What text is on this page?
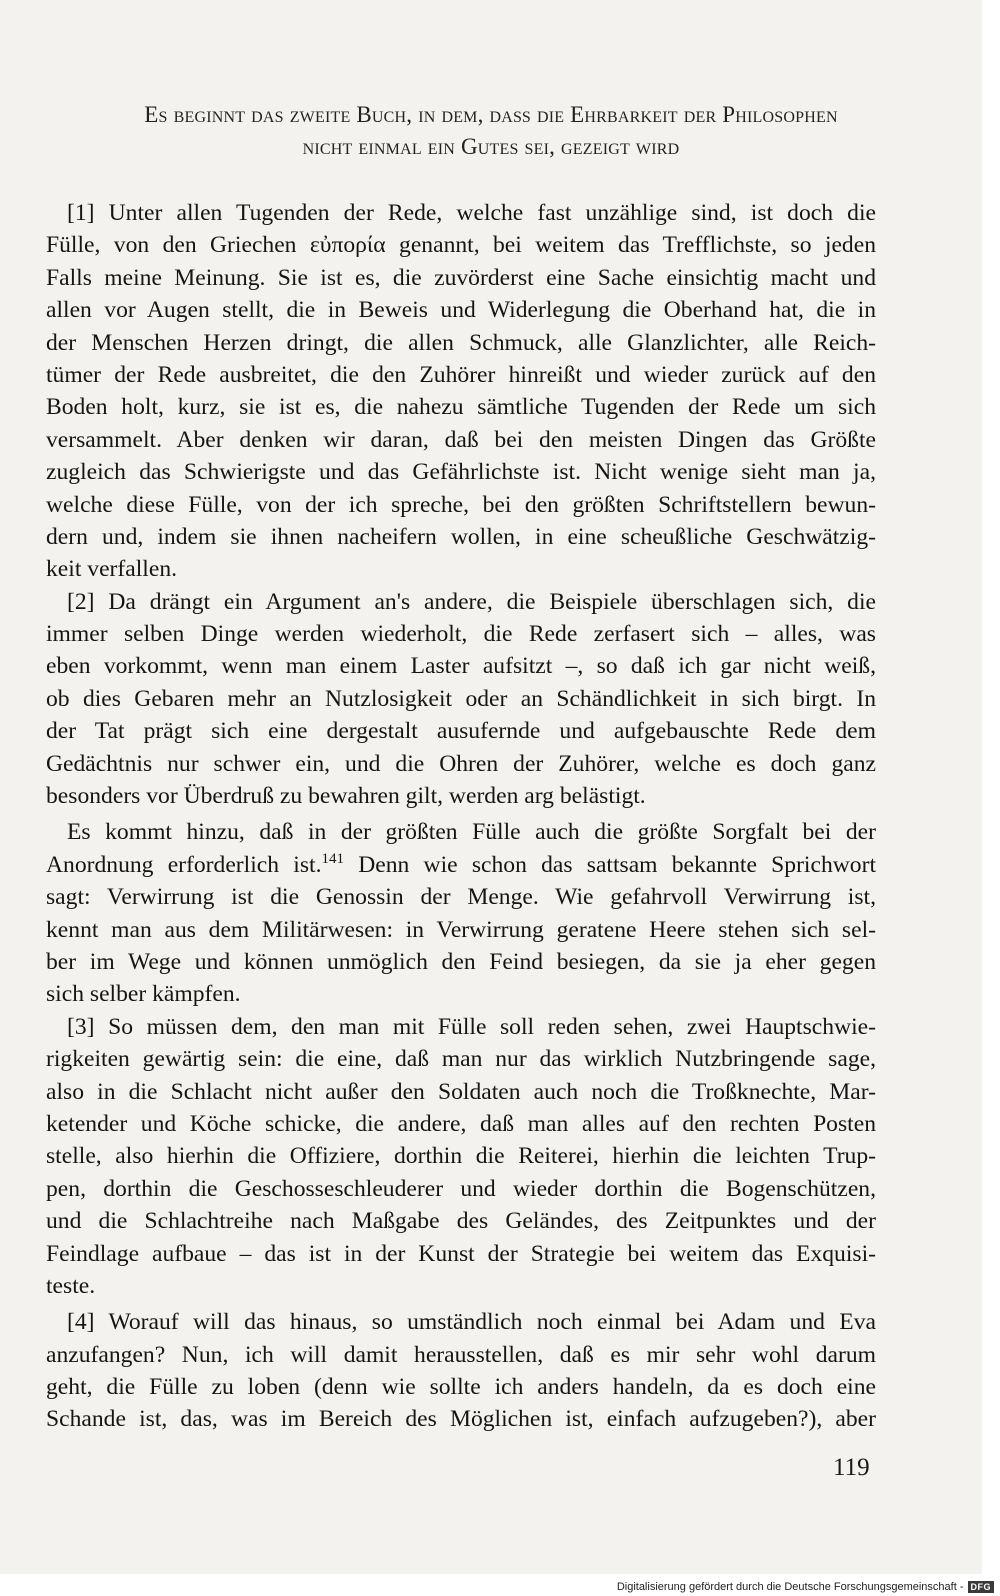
Es beginnt das zweite Buch, in dem, daß die Ehrbarkeit der Philosophen
nicht einmal ein Gutes sei, gezeigt wird
[1] Unter allen Tugenden der Rede, welche fast unzählige sind, ist doch die
Fülle, von den Griechen εὐπορία genannt, bei weitem das Trefflichste, so jeden
Falls meine Meinung. Sie ist es, die zuvörderst eine Sache einsichtig macht und
allen vor Augen stellt, die in Beweis und Widerlegung die Oberhand hat, die in
der Menschen Herzen dringt, die allen Schmuck, alle Glanzlichter, alle Reich-
tümer der Rede ausbreitet, die den Zuhörer hinreißt und wieder zurück auf den
Boden holt, kurz, sie ist es, die nahezu sämtliche Tugenden der Rede um sich
versammelt. Aber denken wir daran, daß bei den meisten Dingen das Größte
zugleich das Schwierigste und das Gefährlichste ist. Nicht wenige sieht man ja,
welche diese Fülle, von der ich spreche, bei den größten Schriftstellern bewun-
dern und, indem sie ihnen nacheifern wollen, in eine scheußliche Geschwätzig-
keit verfallen.
[2] Da drängt ein Argument an's andere, die Beispiele überschlagen sich, die
immer selben Dinge werden wiederholt, die Rede zerfasert sich – alles, was
eben vorkommt, wenn man einem Laster aufsitzt –, so daß ich gar nicht weiß,
ob dies Gebaren mehr an Nutzlosigkeit oder an Schändlichkeit in sich birgt. In
der Tat prägt sich eine dergestalt ausufernde und aufgebauschte Rede dem
Gedächtnis nur schwer ein, und die Ohren der Zuhörer, welche es doch ganz
besonders vor Überdruß zu bewahren gilt, werden arg belästigt.
Es kommt hinzu, daß in der größten Fülle auch die größte Sorgfalt bei der
Anordnung erforderlich ist.$^{141}$ Denn wie schon das sattsam bekannte Sprichwort
sagt: Verwirrung ist die Genossin der Menge. Wie gefahrvoll Verwirrung ist,
kennt man aus dem Militärwesen: in Verwirrung geratene Heere stehen sich sel-
ber im Wege und können unmöglich den Feind besiegen, da sie ja eher gegen
sich selber kämpfen.
[3] So müssen dem, den man mit Fülle soll reden sehen, zwei Hauptschwie-
rigkeiten gewärtig sein: die eine, daß man nur das wirklich Nutzbringende sage,
also in die Schlacht nicht außer den Soldaten auch noch die Troßknechte, Mar-
ketender und Köche schicke, die andere, daß man alles auf den rechten Posten
stelle, also hierhin die Offiziere, dorthin die Reiterei, hierhin die leichten Trup-
pen, dorthin die Geschosseschleuderer und wieder dorthin die Bogenschützen,
und die Schlachtreihe nach Maßgabe des Geländes, des Zeitpunktes und der
Feindlage aufbaue – das ist in der Kunst der Strategie bei weitem das Exquisi-
teste.
[4] Worauf will das hinaus, so umständlich noch einmal bei Adam und Eva
anzufangen? Nun, ich will damit herausstellen, daß es mir sehr wohl darum
geht, die Fülle zu loben (denn wie sollte ich anders handeln, da es doch eine
Schande ist, das, was im Bereich des Möglichen ist, einfach aufzugeben?), aber
119
Digitalisierung gefördert durch die Deutsche Forschungsgemeinschaft - DFG
